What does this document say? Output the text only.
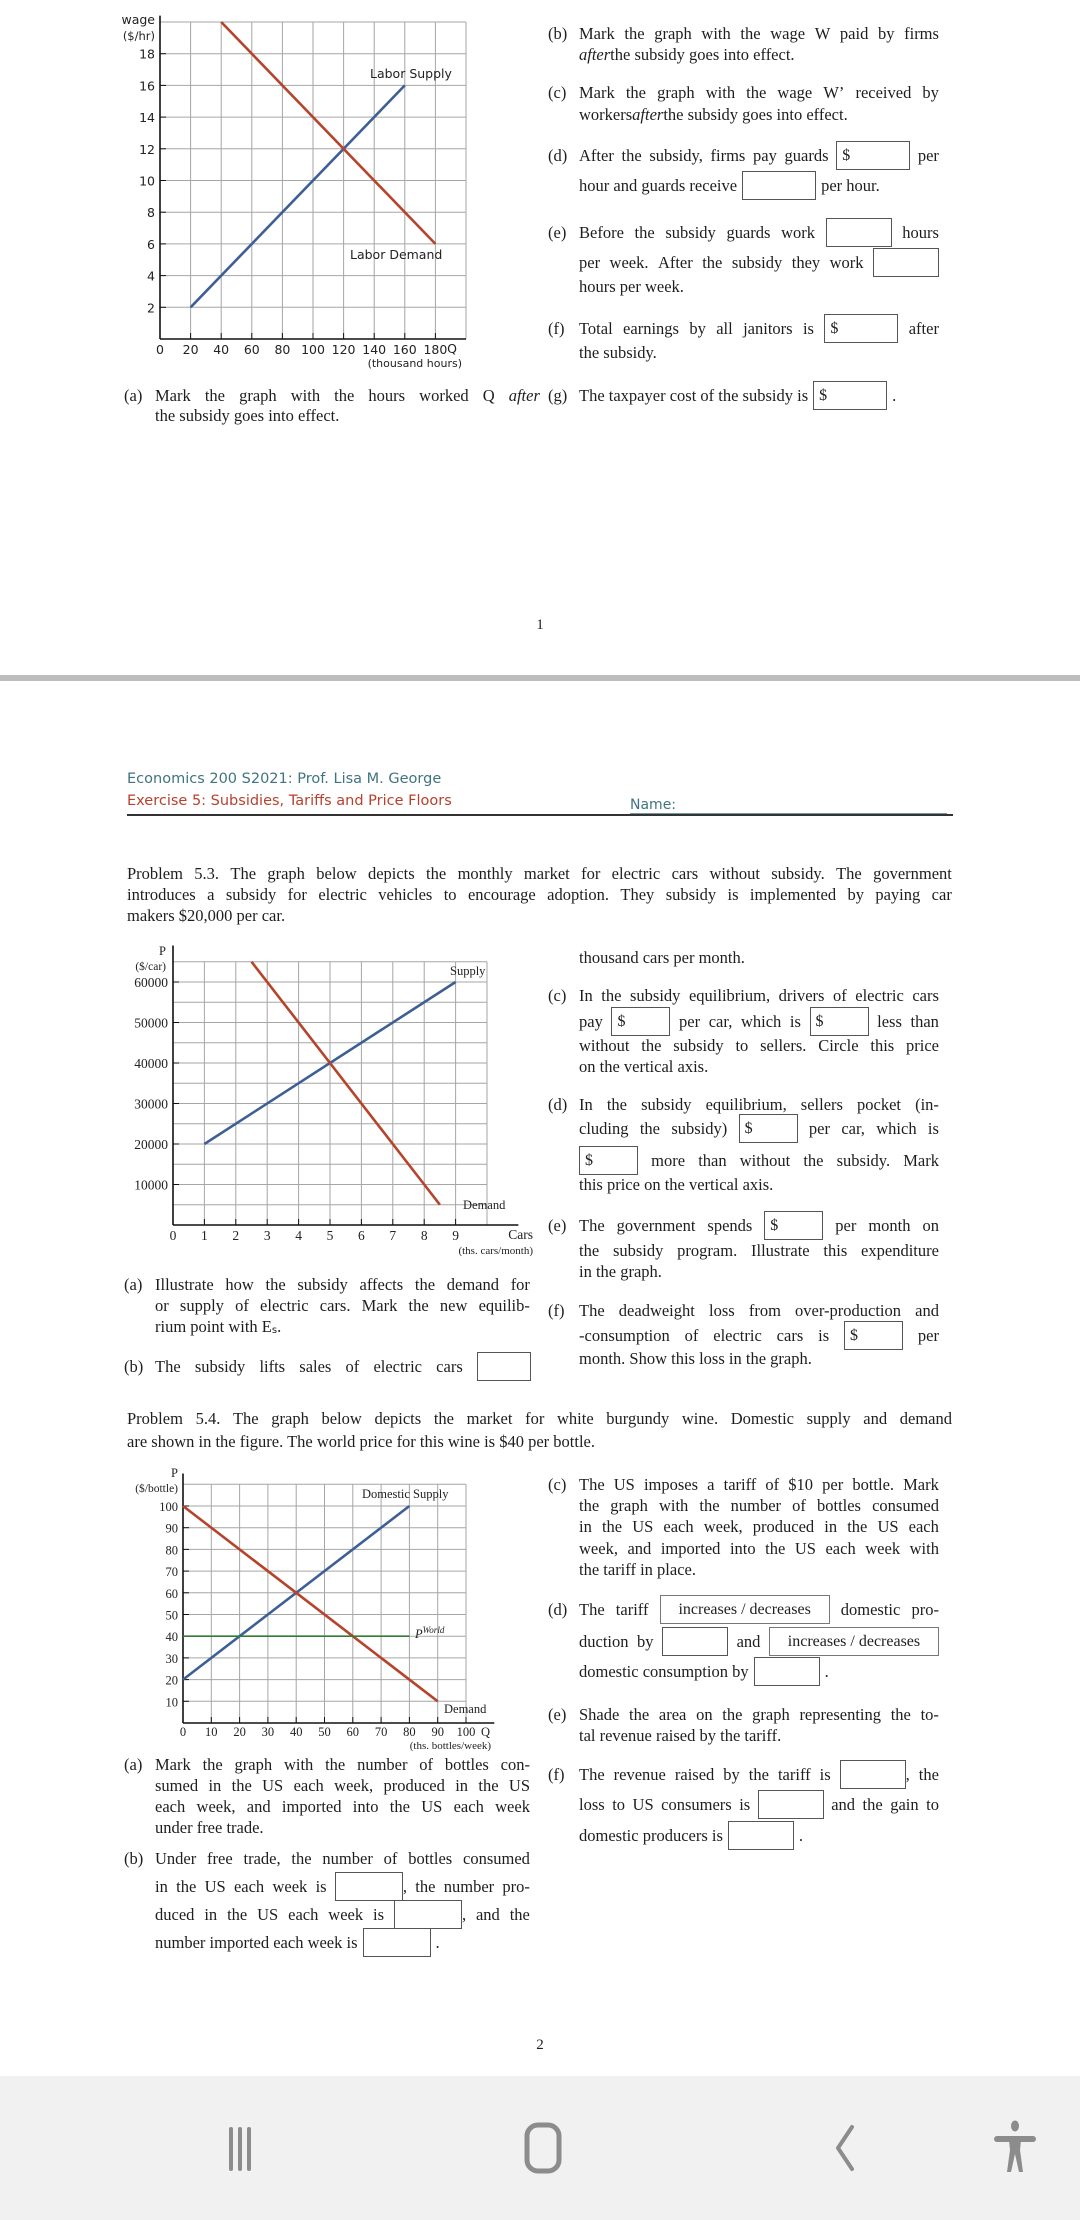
1
Economics 200 S2021: Prof. Lisa M. George
Exercise 5: Subsidies, Tariffs and Price Floors	Name:
2
0 20 40 60 80 100 120 140 160 180
2
4
6
8
10
12
14
16
18
wage
($/hr)
Q
(thousand hours)
Labor Supply
Labor Demand
0 1 2 3 4 5 6 7 8 9
10000
20000
30000
40000
50000
60000
P
($/car)
Cars
(ths. cars/month)
Supply
Demand
0 10 20 30 40 50 60 70 80 90 100
10
20
30
40
50
60
70
80
90
100
P
($/bottle)
Q
(ths. bottles/week)
Domestic Supply
Demand
$P^{World}$
(a) Mark the graph with the hours worked Q after
the subsidy goes into effect.
(b) Mark the graph with the wage W paid by firms
after the subsidy goes into effect.
(c) Mark the graph with the wage W’ received by
workers after the subsidy goes into effect.
(d) After the subsidy, firms pay guards $	per
hour and guards receive	per hour.
(e) Before the subsidy guards work	hours
per week. After the subsidy they work
hours per week.
(f) Total earnings by all janitors is	$	after
the subsidy.
(g) The taxpayer cost of the subsidy is $	.
Problem 5.3. The graph below depicts the monthly market for electric cars without subsidy. The government
introduces a subsidy for electric vehicles to encourage adoption. They subsidy is implemented by paying car
makers $20,000 per car.
(a) Illustrate how the subsidy affects the demand for
or supply of electric cars. Mark the new equilib-
rium point with E s .
(b) The subsidy lifts sales of electric cars
thousand cars per month.
(c) In the subsidy equilibrium, drivers of electric cars
pay $	per car, which is $	less than
without the subsidy to sellers. Circle this price
on the vertical axis.
(d) In the subsidy equilibrium, sellers pocket (in-
cluding the subsidy)	$	per car, which is
$	more than without the subsidy. Mark
this price on the vertical axis.
(e) The government spends	$	per month on
the subsidy program. Illustrate this expenditure
in the graph.
(f) The deadweight loss from over-production and
-consumption of electric cars is	$	per
month. Show this loss in the graph.
Problem 5.4. The graph below depicts the market for white burgundy wine. Domestic supply and demand
are shown in the figure. The world price for this wine is $40 per bottle.
(a) Mark the graph with the number of bottles con-
sumed in the US each week, produced in the US
each week, and imported into the US each week
under free trade.
(b) Under free trade, the number of bottles consumed
in the US each week is	, the number pro-
duced in the US each week is	, and the
number imported each week is	.
(c) The US imposes a tariff of $10 per bottle. Mark
the graph with the number of bottles consumed
in the US each week, produced in the US each
week, and imported into the US each week with
the tariff in place.
(d) The tariff	increases / decreases	domestic pro-
duction by	and	increases / decreases
domestic consumption by	.
(e) Shade the area on the graph representing the to-
tal revenue raised by the tariff.
(f) The revenue raised by the tariff is	, the
loss to US consumers is	and the gain to
domestic producers is	.
